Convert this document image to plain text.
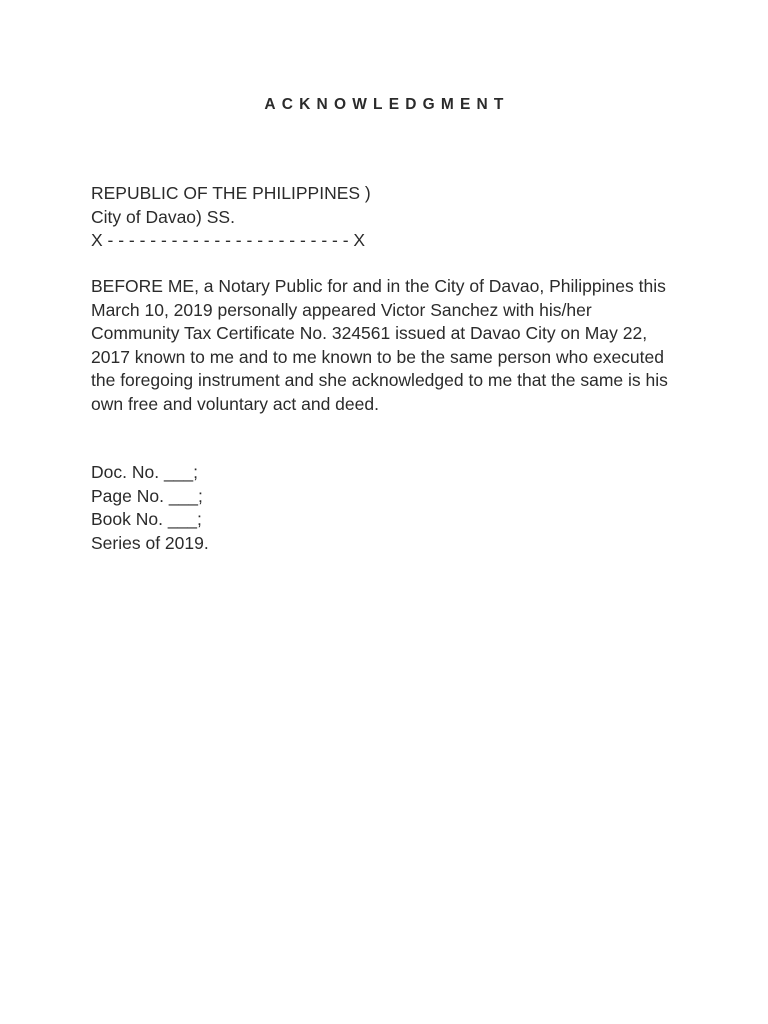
ACKNOWLEDGMENT
REPUBLIC OF THE PHILIPPINES )
City of Davao) SS.
X - - - - - - - - - - - - - - - - - - - - - - - X
BEFORE ME, a Notary Public for and in the City of Davao, Philippines this
March 10, 2019 personally appeared Victor Sanchez with his/her
Community Tax Certificate No. 324561 issued at Davao City on May 22,
2017 known to me and to me known to be the same person who executed
the foregoing instrument and she acknowledged to me that the same is his
own free and voluntary act and deed.
Doc. No. ___;
Page No. ___;
Book No. ___;
Series of 2019.
